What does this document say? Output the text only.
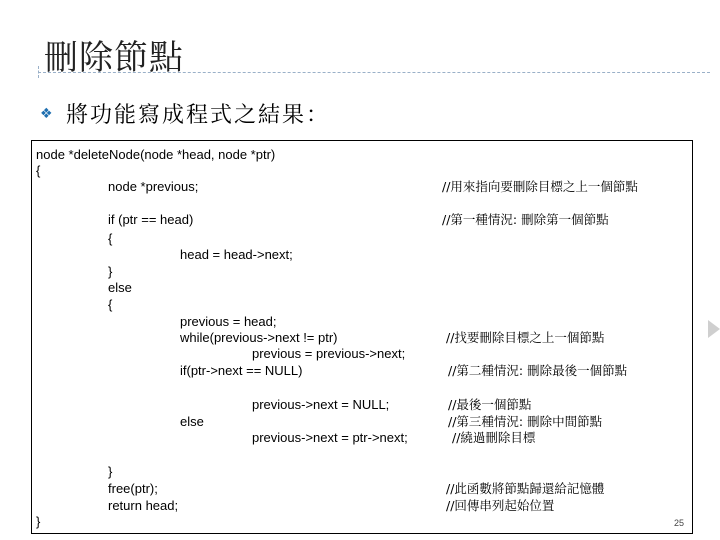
刪除節點
❖ 將功能寫成程式之結果：
node *deleteNode(node *head, node *ptr)
{
node *previous;	//用來指向要刪除目標之上一個節點
if (ptr == head)	//第一種情況: 刪除第一個節點
{
head = head->next;
}
else
{
previous = head;
while(previous->next != ptr)	//找要刪除目標之上一個節點
previous = previous->next;
if(ptr->next == NULL)	//第二種情況: 刪除最後一個節點
previous->next = NULL;	//最後一個節點
else	//第三種情況: 刪除中間節點
previous->next = ptr->next;	//繞過刪除目標
}
free(ptr);	//此函數將節點歸還給記憶體
return head;	//回傳串列起始位置
}	25
